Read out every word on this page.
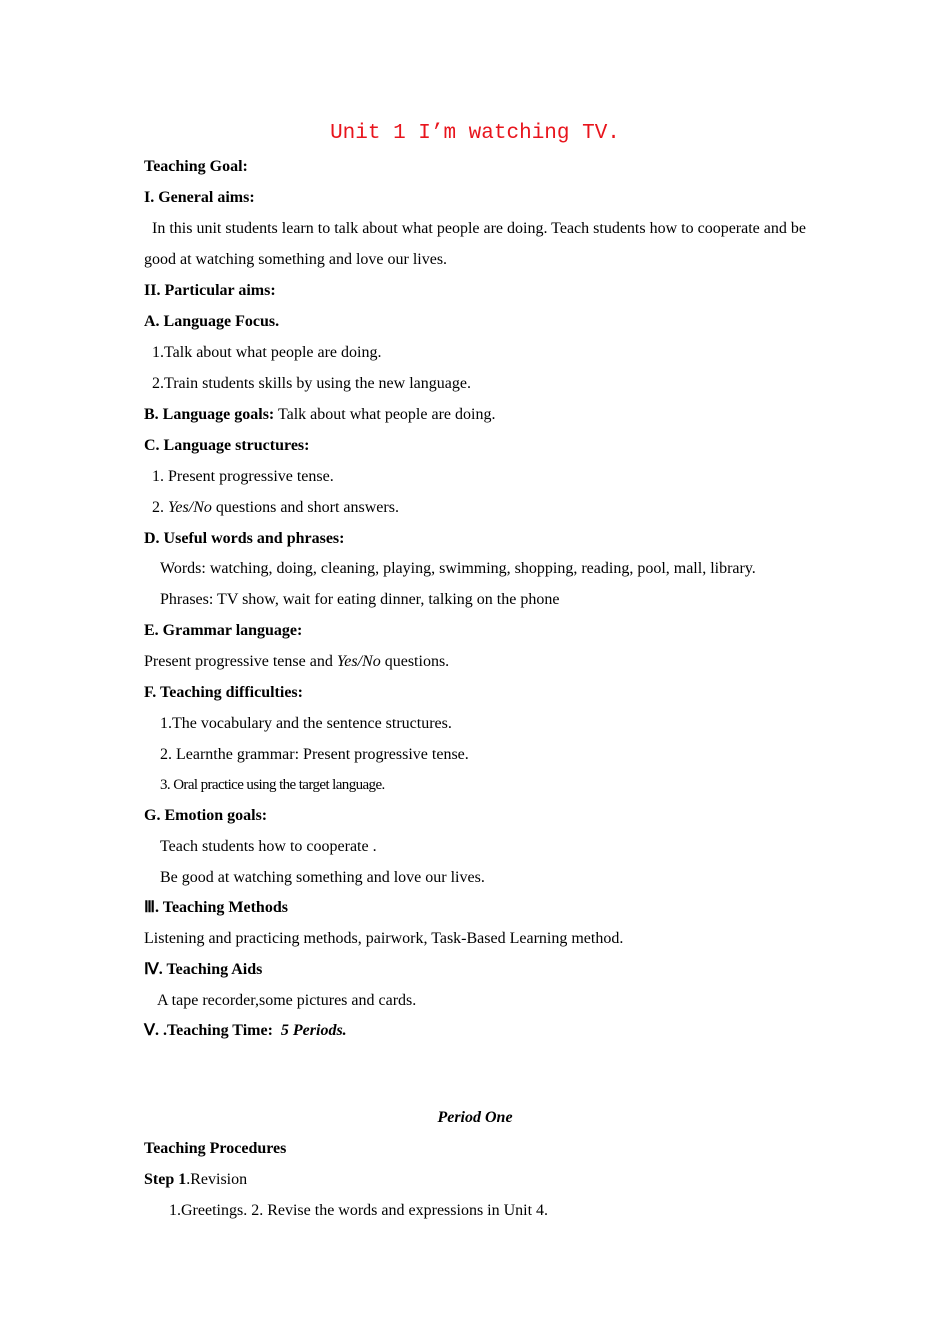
Unit 1 I’m watching TV.
Teaching Goal:
I. General aims:
In this unit students learn to talk about what people are doing. Teach students how to cooperate and be
good at watching something and love our lives.
II. Particular aims:
A. Language Focus.
1.Talk about what people are doing.
2.Train students skills by using the new language.
B. Language goals: Talk about what people are doing.
C. Language structures:
1. Present progressive tense.
2. Yes/No questions and short answers.
D. Useful words and phrases:
Words: watching, doing, cleaning, playing, swimming, shopping, reading, pool, mall, library.
Phrases: TV show, wait for eating dinner, talking on the phone
E. Grammar language:
Present progressive tense and Yes/No questions.
F. Teaching difficulties:
1.The vocabulary and the sentence structures.
2. Learnthe grammar: Present progressive tense.
3. Oral practice using the target language.
G. Emotion goals:
Teach students how to cooperate .
Be good at watching something and love our lives.
Ⅲ. Teaching Methods
Listening and practicing methods, pairwork, Task-Based Learning method.
Ⅳ. Teaching Aids
A tape recorder,some pictures and cards.
Ⅴ. .Teaching Time: 5 Periods.
Period One
Teaching Procedures
Step 1.Revision
1.Greetings. 2. Revise the words and expressions in Unit 4.
